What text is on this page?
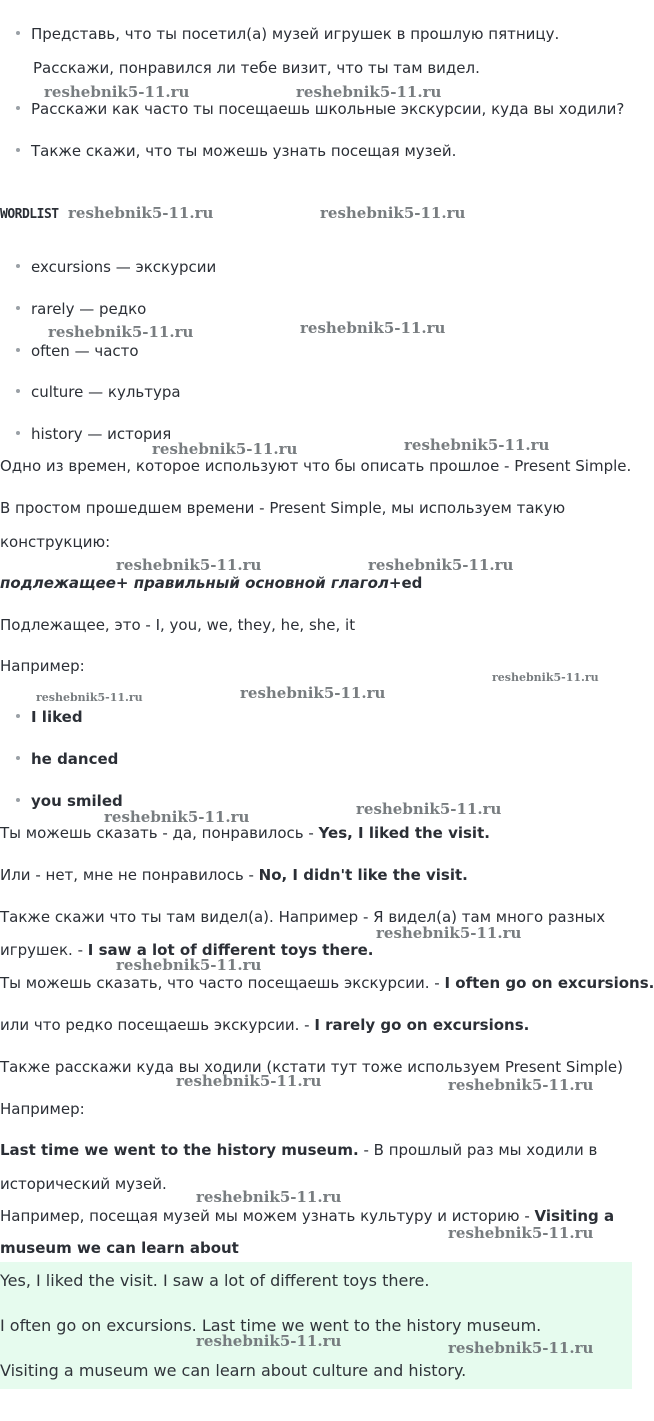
Представь, что ты посетил(а) музей игрушек в прошлую пятницу.
Расскажи, понравился ли тебе визит, что ты там видел.
Расскажи как часто ты посещаешь школьные экскурсии, куда вы ходили?
Также скажи, что ты можешь узнать посещая музей.
WORDLIST
excursions — экскурсии
rarely — редко
often — часто
culture — культура
history — история
Одно из времен, которое используют что бы описать прошлое - Present Simple.
В простом прошедшем времени - Present Simple, мы используем такую
конструкцию:
подлежащее+ правильный основной глагол+ed
Подлежащее, это - I, you, we, they, he, she, it
Например:
I liked
he danced
you smiled
Ты можешь сказать - да, понравилось - Yes, I liked the visit.
Или - нет, мне не понравилось - No, I didn't like the visit.
Также скажи что ты там видел(а). Например - Я видел(а) там много разных
игрушек. - I saw a lot of different toys there.
Ты можешь сказать, что часто посещаешь экскурсии. - I often go on excursions.
или что редко посещаешь экскурсии. - I rarely go on excursions.
Также расскажи куда вы ходили (кстати тут тоже используем Present Simple)
Например:
Last time we went to the history museum. - В прошлый раз мы ходили в
исторический музей.
Например, посещая музей мы можем узнать культуру и историю - Visiting a
museum we can learn about
Yes, I liked the visit. I saw a lot of different toys there.
I often go on excursions. Last time we went to the history museum.
Visiting a museum we can learn about culture and history.
reshebnik5-11.ru	reshebnik5-11.ru
reshebnik5-11.ru	reshebnik5-11.ru
reshebnik5-11.ru	reshebnik5-11.ru
reshebnik5-11.ru	reshebnik5-11.ru
reshebnik5-11.ru	reshebnik5-11.ru
reshebnik5-11.ru
reshebnik5-11.ru	reshebnik5-11.ru
reshebnik5-11.ru	reshebnik5-11.ru
reshebnik5-11.ru
reshebnik5-11.ru
reshebnik5-11.ru	reshebnik5-11.ru
reshebnik5-11.ru
reshebnik5-11.ru
reshebnik5-11.ru	reshebnik5-11.ru
